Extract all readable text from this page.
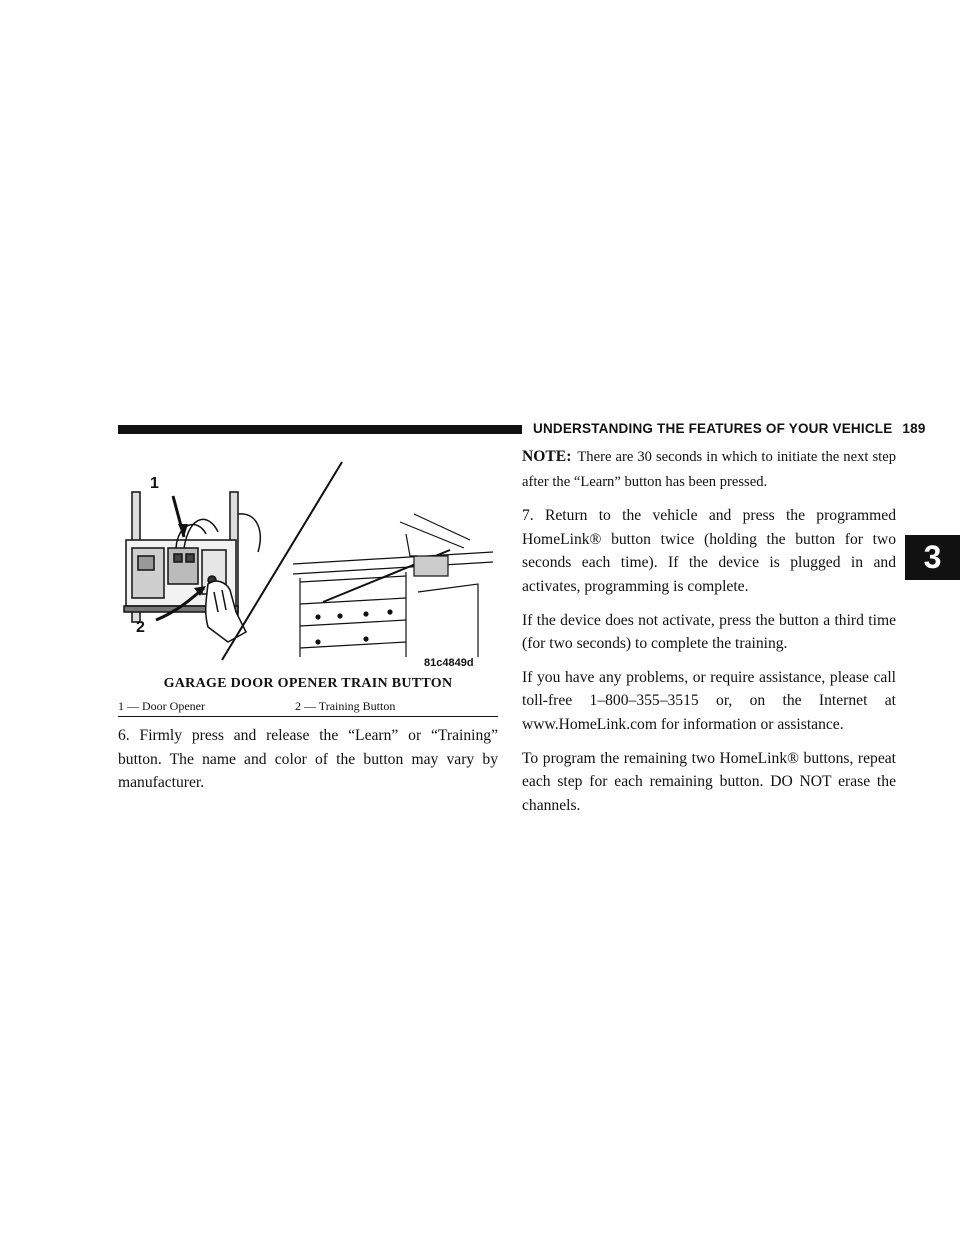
UNDERSTANDING THE FEATURES OF YOUR VEHICLE 189
3
1
2
81c4849d
GARAGE DOOR OPENER TRAIN BUTTON
1 — Door Opener	2 — Training Button

6. Firmly press and release the “Learn” or “Training” button. The name and color of the button may vary by manufacturer.

NOTE: There are 30 seconds in which to initiate the next step after the “Learn” button has been pressed.

7. Return to the vehicle and press the programmed HomeLink® button twice (holding the button for two seconds each time). If the device is plugged in and activates, programming is complete.

If the device does not activate, press the button a third time (for two seconds) to complete the training.

If you have any problems, or require assistance, please call toll-free 1–800–355–3515 or, on the Internet at www.HomeLink.com for information or assistance.

To program the remaining two HomeLink® buttons, repeat each step for each remaining button. DO NOT erase the channels.
